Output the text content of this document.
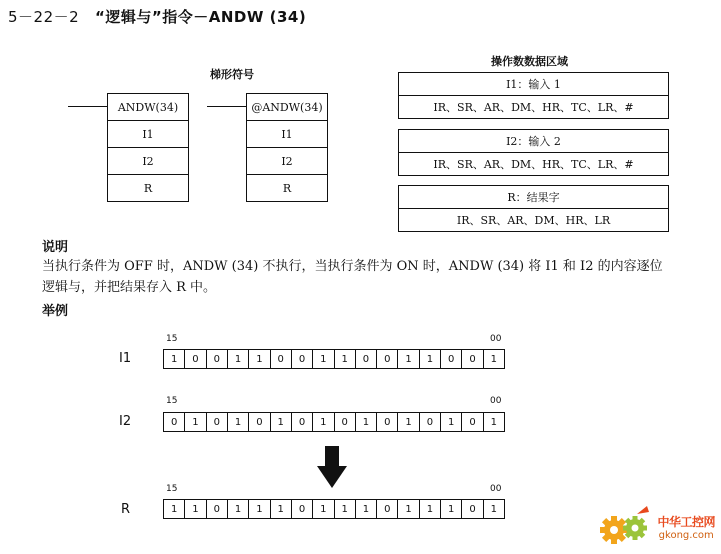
5－22－2 “逻辑与”指令－ANDW (34)
梯形符号
ANDW(34)
I1
I2
R
@ANDW(34)
I1
I2
R
操作数数据区域
I1：输入 1
IR、SR、AR、DM、HR、TC、LR、#
I2：输入 2
IR、SR、AR、DM、HR、TC、LR、#
R：结果字
IR、SR、AR、DM、HR、LR
说明
当执行条件为 OFF 时，ANDW (34) 不执行，当执行条件为 ON 时，ANDW (34) 将 I1 和 I2 的内容逐位
逻辑与，并把结果存入 R 中。
举例
15	00
I1	1	0	0	1	1	0	0	1	1	0	0	1	1	0	0	1
15	00
I2	0	1	0	1	0	1	0	1	0	1	0	1	0	1	0	1
15	00
R	1	1	0	1	1	1	0	1	1	1	0	1	1	1	0	1
中华工控网
gkong.com
